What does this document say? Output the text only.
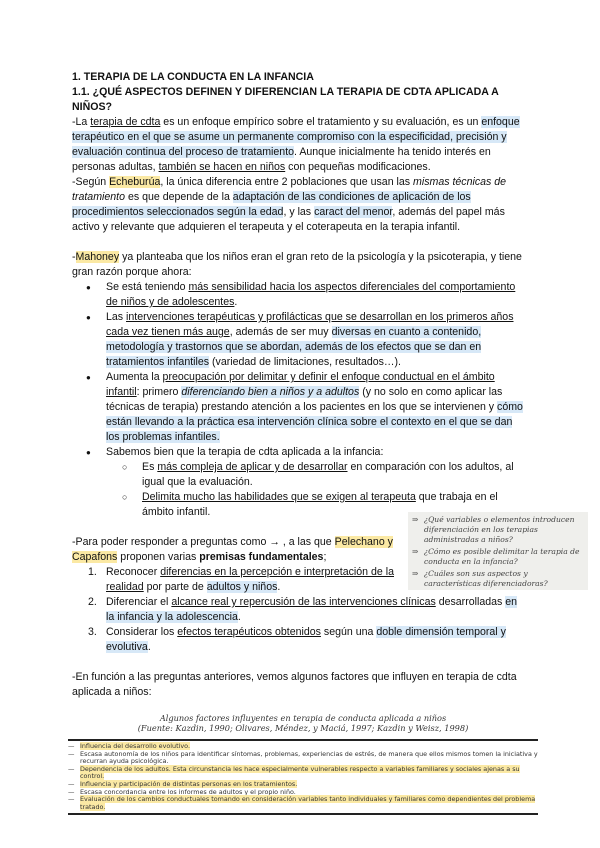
1. TERAPIA DE LA CONDUCTA EN LA INFANCIA

1.1. ¿QUÉ ASPECTOS DEFINEN Y DIFERENCIAN LA TERAPIA DE CDTA APLICADA A NIÑOS?

-La terapia de cdta es un enfoque empírico sobre el tratamiento y su evaluación, es un enfoque terapéutico en el que se asume un permanente compromiso con la especificidad, precisión y evaluación continua del proceso de tratamiento. Aunque inicialmente ha tenido interés en personas adultas, también se hacen en niños con pequeñas modificaciones.

-Según Echeburúa, la única diferencia entre 2 poblaciones que usan las mismas técnicas de tratamiento es que depende de la adaptación de las condiciones de aplicación de los procedimientos seleccionados según la edad, y las caract del menor, además del papel más activo y relevante que adquieren el terapeuta y el coterapeuta en la terapia infantil.

-Mahoney ya planteaba que los niños eran el gran reto de la psicología y la psicoterapia, y tiene gran razón porque ahora:

● Se está teniendo más sensibilidad hacia los aspectos diferenciales del comportamiento de niños y de adolescentes.
● Las intervenciones terapéuticas y profilácticas que se desarrollan en los primeros años cada vez tienen más auge, además de ser muy diversas en cuanto a contenido, metodología y trastornos que se abordan, además de los efectos que se dan en tratamientos infantiles (variedad de limitaciones, resultados…).
● Aumenta la preocupación por delimitar y definir el enfoque conductual en el ámbito infantil: primero diferenciando bien a niños y a adultos (y no solo en como aplicar las técnicas de terapia) prestando atención a los pacientes en los que se intervienen y cómo están llevando a la práctica esa intervención clínica sobre el contexto en el que se dan los problemas infantiles.
● Sabemos bien que la terapia de cdta aplicada a la infancia:
○ Es más compleja de aplicar y de desarrollar en comparación con los adultos, al igual que la evaluación.
○ Delimita mucho las habilidades que se exigen al terapeuta que trabaja en el ámbito infantil.

-Para poder responder a preguntas como → , a las que Pelechano y Capafons proponen varias premisas fundamentales;

1. Reconocer diferencias en la percepción e interpretación de la realidad por parte de adultos y niños.
2. Diferenciar el alcance real y repercusión de las intervenciones clínicas desarrolladas en la infancia y la adolescencia.
3. Considerar los efectos terapéuticos obtenidos según una doble dimensión temporal y evolutiva.

-En función a las preguntas anteriores, vemos algunos factores que influyen en terapia de cdta aplicada a niños:

⇒ ¿Qué variables o elementos introducen diferenciación en los terapias administradas a niños?
⇒ ¿Cómo es posible delimitar la terapia de conducta en la infancia?
⇒ ¿Cuáles son sus aspectos y características diferenciadoras?
Algunos factores influyentes en terapia de conducta aplicada a niños
(Fuente: Kazdin, 1990; Olivares, Méndez, y Maciá, 1997; Kazdin y Weisz, 1998)
— Influencia del desarrollo evolutivo.
— Escasa autonomía de los niños para identificar síntomas, problemas, experiencias de estrés, de manera que ellos mismos tomen la iniciativa y recurran ayuda psicológica.
— Dependencia de los adultos. Esta circunstancia les hace especialmente vulnerables respecto a variables familiares y sociales ajenas a su control.
— Influencia y participación de distintas personas en los tratamientos.
— Escasa concordancia entre los informes de adultos y el propio niño.
— Evaluación de los cambios conductuales tomando en consideración variables tanto individuales y familiares como dependientes del problema tratado.
